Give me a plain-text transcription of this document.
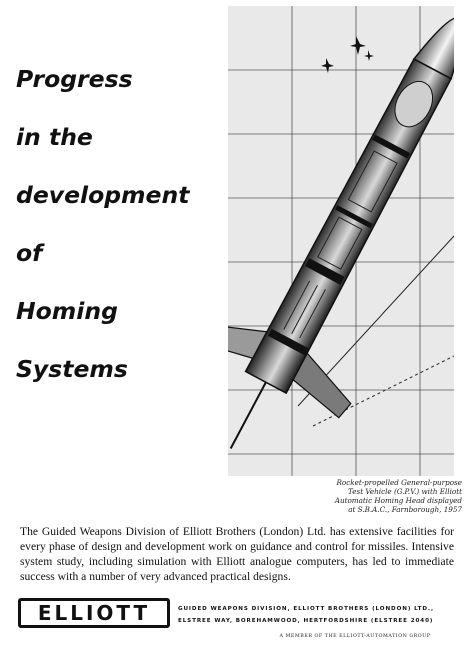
Progress
in the
development
of
Homing
Systems
Rocket-propelled General-purpose
Test Vehicle (G.P.V.) with Elliott
Automatic Homing Head displayed
at S.B.A.C., Farnborough, 1957
The Guided Weapons Division of Elliott Brothers (London) Ltd. has extensive facilities for every phase of design and development work on guidance and control for missiles. Intensive system study, including simulation with Elliott analogue computers, has led to immediate success with a number of very advanced practical designs.
ELLIOTT	GUIDED WEAPONS DIVISION, ELLIOTT BROTHERS (LONDON) LTD.,
ELSTREE WAY, BOREHAMWOOD, HERTFORDSHIRE (ELSTREE 2040)
A MEMBER OF THE ELLIOTT-AUTOMATION GROUP
